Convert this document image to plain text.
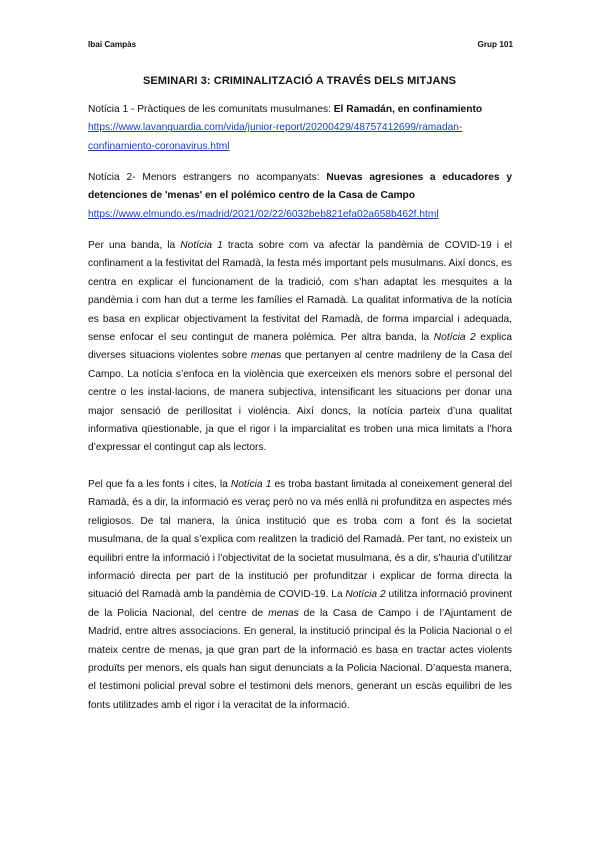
Ibai Campàs	Grup 101
SEMINARI 3: CRIMINALITZACIÓ A TRAVÉS DELS MITJANS
Notícia 1 - Pràctiques de les comunitats musulmanes: El Ramadán, en confinamiento
https://www.lavanguardia.com/vida/junior-report/20200429/48757412699/ramadan-confinamiento-coronavirus.html
Notícia 2- Menors estrangers no acompanyats: Nuevas agresiones a educadores y detenciones de 'menas' en el polémico centro de la Casa de Campo
https://www.elmundo.es/madrid/2021/02/22/6032beb821efa02a658b462f.html

Per una banda, la Notícia 1 tracta sobre com va afectar la pandèmia de COVID-19 i el confinament a la festivitat del Ramadà, la festa més important pels musulmans. Així doncs, es centra en explicar el funcionament de la tradició, com s’han adaptat les mesquites a la pandèmia i com han dut a terme les famílies el Ramadà. La qualitat informativa de la notícia es basa en explicar objectivament la festivitat del Ramadà, de forma imparcial i adequada, sense enfocar el seu contingut de manera polèmica. Per altra banda, la Notícia 2 explica diverses situacions violentes sobre menas que pertanyen al centre madrileny de la Casa del Campo. La notícia s’enfoca en la violència que exerceixen els menors sobre el personal del centre o les instal·lacions, de manera subjectiva, intensificant les situacions per donar una major sensació de perillositat i violència. Així doncs, la notícia parteix d’una qualitat informativa qüestionable, ja que el rigor i la imparcialitat es troben una mica limitats a l’hora d’expressar el contingut cap als lectors.

Pel que fa a les fonts i cites, la Notícia 1 es troba bastant limitada al coneixement general del Ramadà, és a dir, la informació es veraç però no va més enllà ni profunditza en aspectes més religiosos. De tal manera, la única institució que es troba com a font és la societat musulmana, de la qual s’explica com realitzen la tradició del Ramadà. Per tant, no existeix un equilibri entre la informació i l’objectivitat de la societat musulmana, és a dir, s’hauria d’utilitzar informació directa per part de la institució per profunditzar i explicar de forma directa la situació del Ramadà amb la pandèmia de COVID-19. La Notícia 2 utilitza informació provinent de la Policia Nacional, del centre de menas de la Casa de Campo i de l’Ajuntament de Madrid, entre altres associacions. En general, la institució principal és la Policia Nacional o el mateix centre de menas, ja que gran part de la informació es basa en tractar actes violents produïts per menors, els quals han sigut denunciats a la Policia Nacional. D’aquesta manera, el testimoni policial preval sobre el testimoni dels menors, generant un escàs equilibri de les fonts utilitzades amb el rigor i la veracitat de la informació.
